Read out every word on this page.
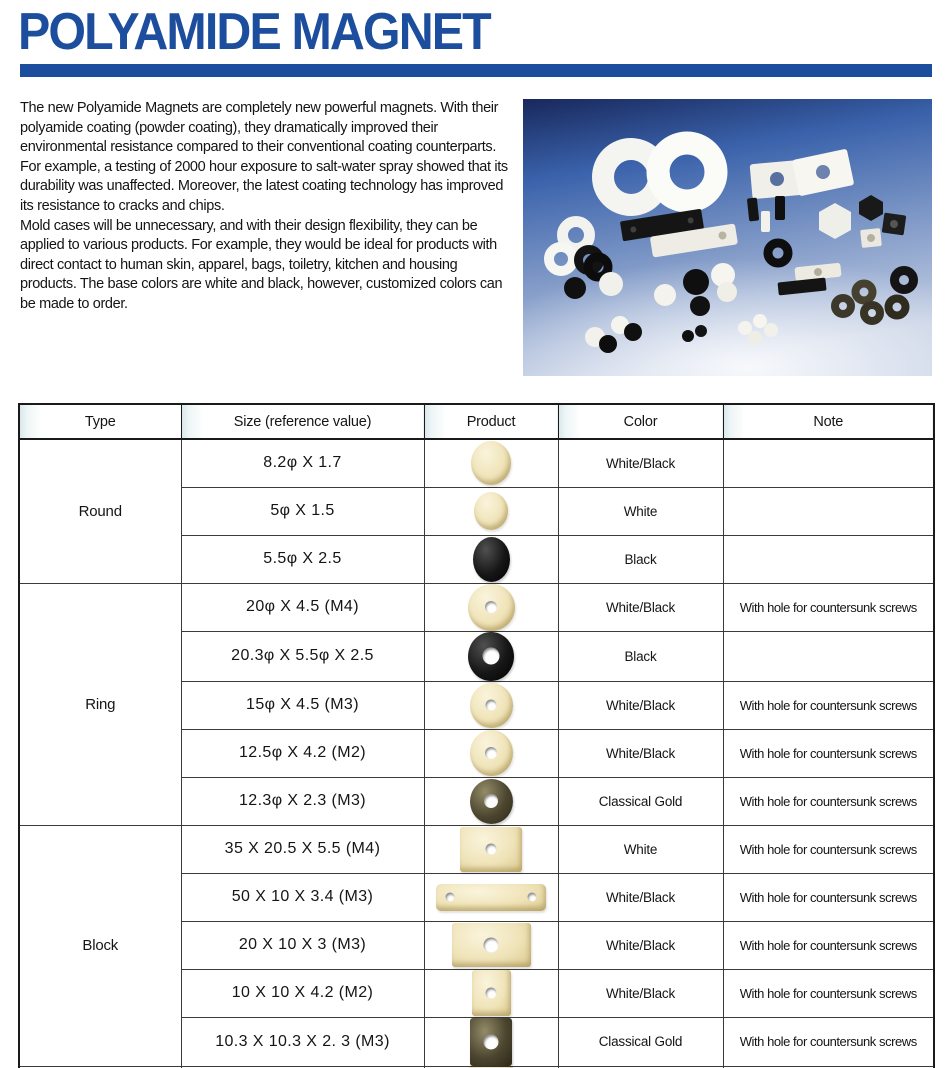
POLYAMIDE MAGNET
The new Polyamide Magnets are completely new powerful magnets. With their polyamide coating (powder coating), they dramatically improved their environmental resistance compared to their conventional coating counterparts. For example, a testing of 2000 hour exposure to salt-water spray showed that its durability was unaffected. Moreover, the latest coating technology has improved its resistance to cracks and chips.
Mold cases will be unnecessary, and with their design flexibility, they can be applied to various products. For example, they would be ideal for products with direct contact to human skin, apparel, bags, toiletry, kitchen and housing products. The base colors are white and black, however, customized colors can be made to order.
Type	Size (reference value)	Product	Color	Note
Round	8.2φ X 1.7		White/Black	
	5φ X 1.5		White	
	5.5φ X 2.5		Black	
Ring	20φ X 4.5 (M4)		White/Black	With hole for countersunk screws
	20.3φ X 5.5φ X 2.5		Black	
	15φ X 4.5 (M3)		White/Black	With hole for countersunk screws
	12.5φ X 4.2 (M2)		White/Black	With hole for countersunk screws
	12.3φ X 2.3 (M3)		Classical Gold	With hole for countersunk screws
Block	35 X 20.5 X 5.5 (M4)		White	With hole for countersunk screws
	50 X 10 X 3.4 (M3)		White/Black	With hole for countersunk screws
	20 X 10 X 3 (M3)		White/Black	With hole for countersunk screws
	10 X 10 X 4.2 (M2)		White/Black	With hole for countersunk screws
	10.3 X 10.3 X 2. 3 (M3)		Classical Gold	With hole for countersunk screws
